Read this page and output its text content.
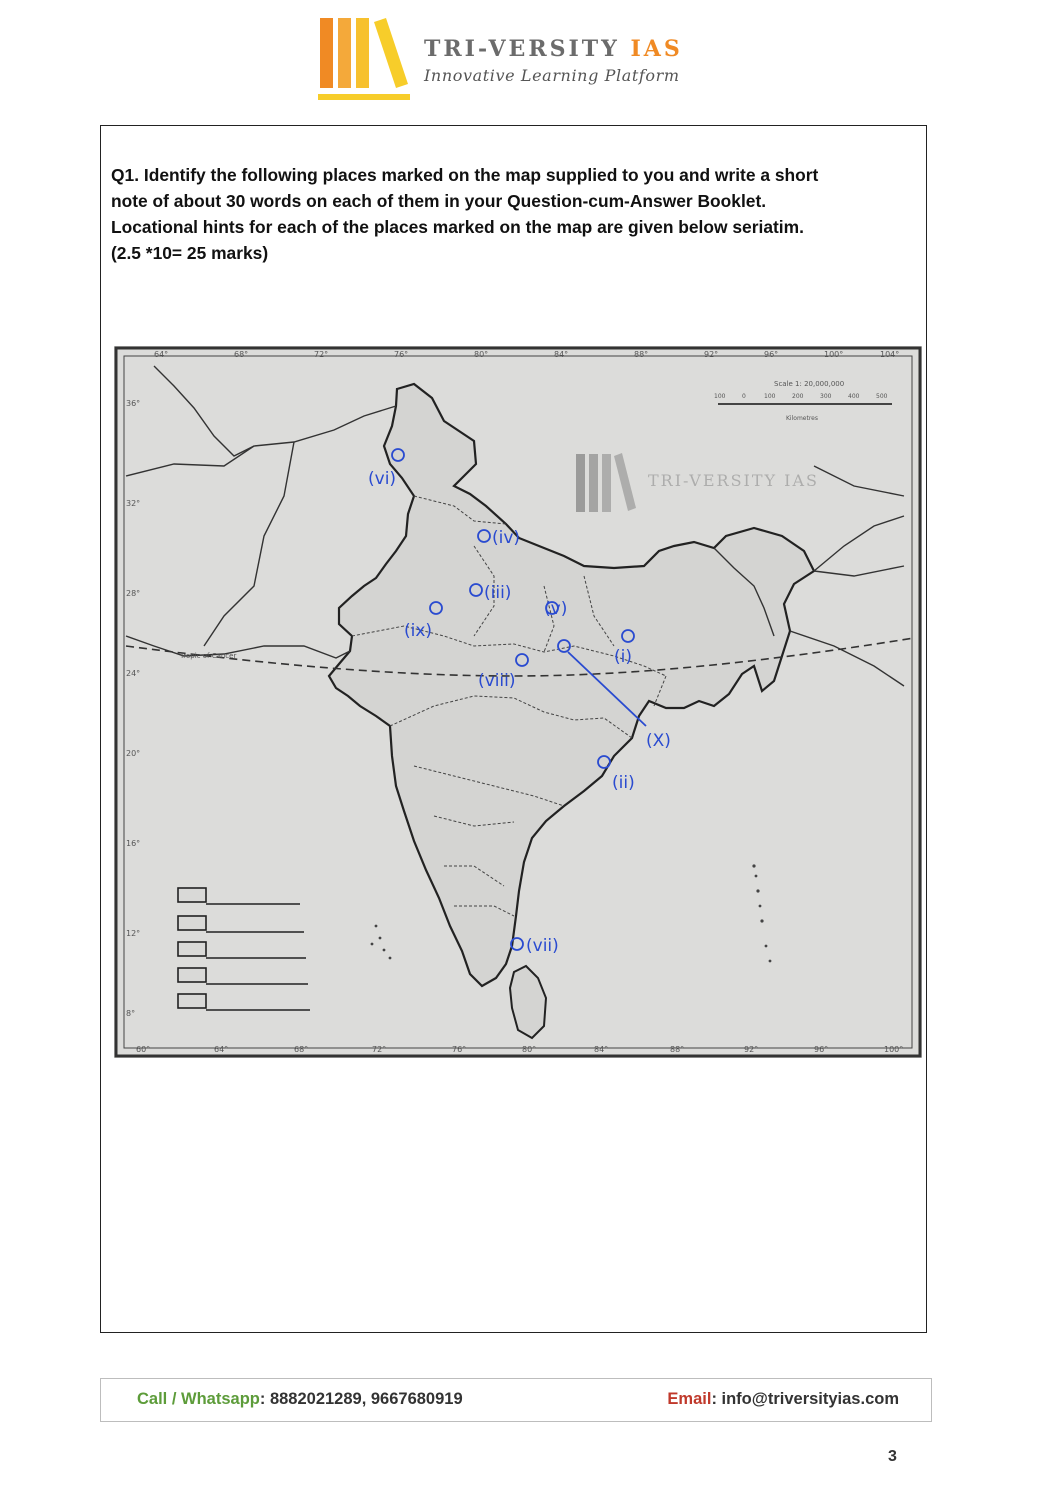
TRI-VERSITY IAS
Innovative Learning Platform
Q1. Identify the following places marked on the map supplied to you and write a short
note of about 30 words on each of them in your Question-cum-Answer Booklet.
Locational hints for each of the places marked on the map are given below seriatim.
(2.5 *10= 25 marks)
64°	68°	72°	76°	80°	84°	88°	92°	96°	100°	104°
60°	64°	68°	72°	76°	80°	84°	88°	92°	96°	100°
36°
32°
28°
24°
20°
16°
12°
8°
Scale 1: 20,000,000
100	0	100	200	300	400	500
Kilometres
TRI-VERSITY IAS
Tropic of Cancer
(vi)
(iv)
(iii)
(ix)
(v)
(i)
(viii)
(X)
(ii)
(vii)
Call / Whatsapp: 8882021289, 9667680919	Email: info@triversityias.com
3
